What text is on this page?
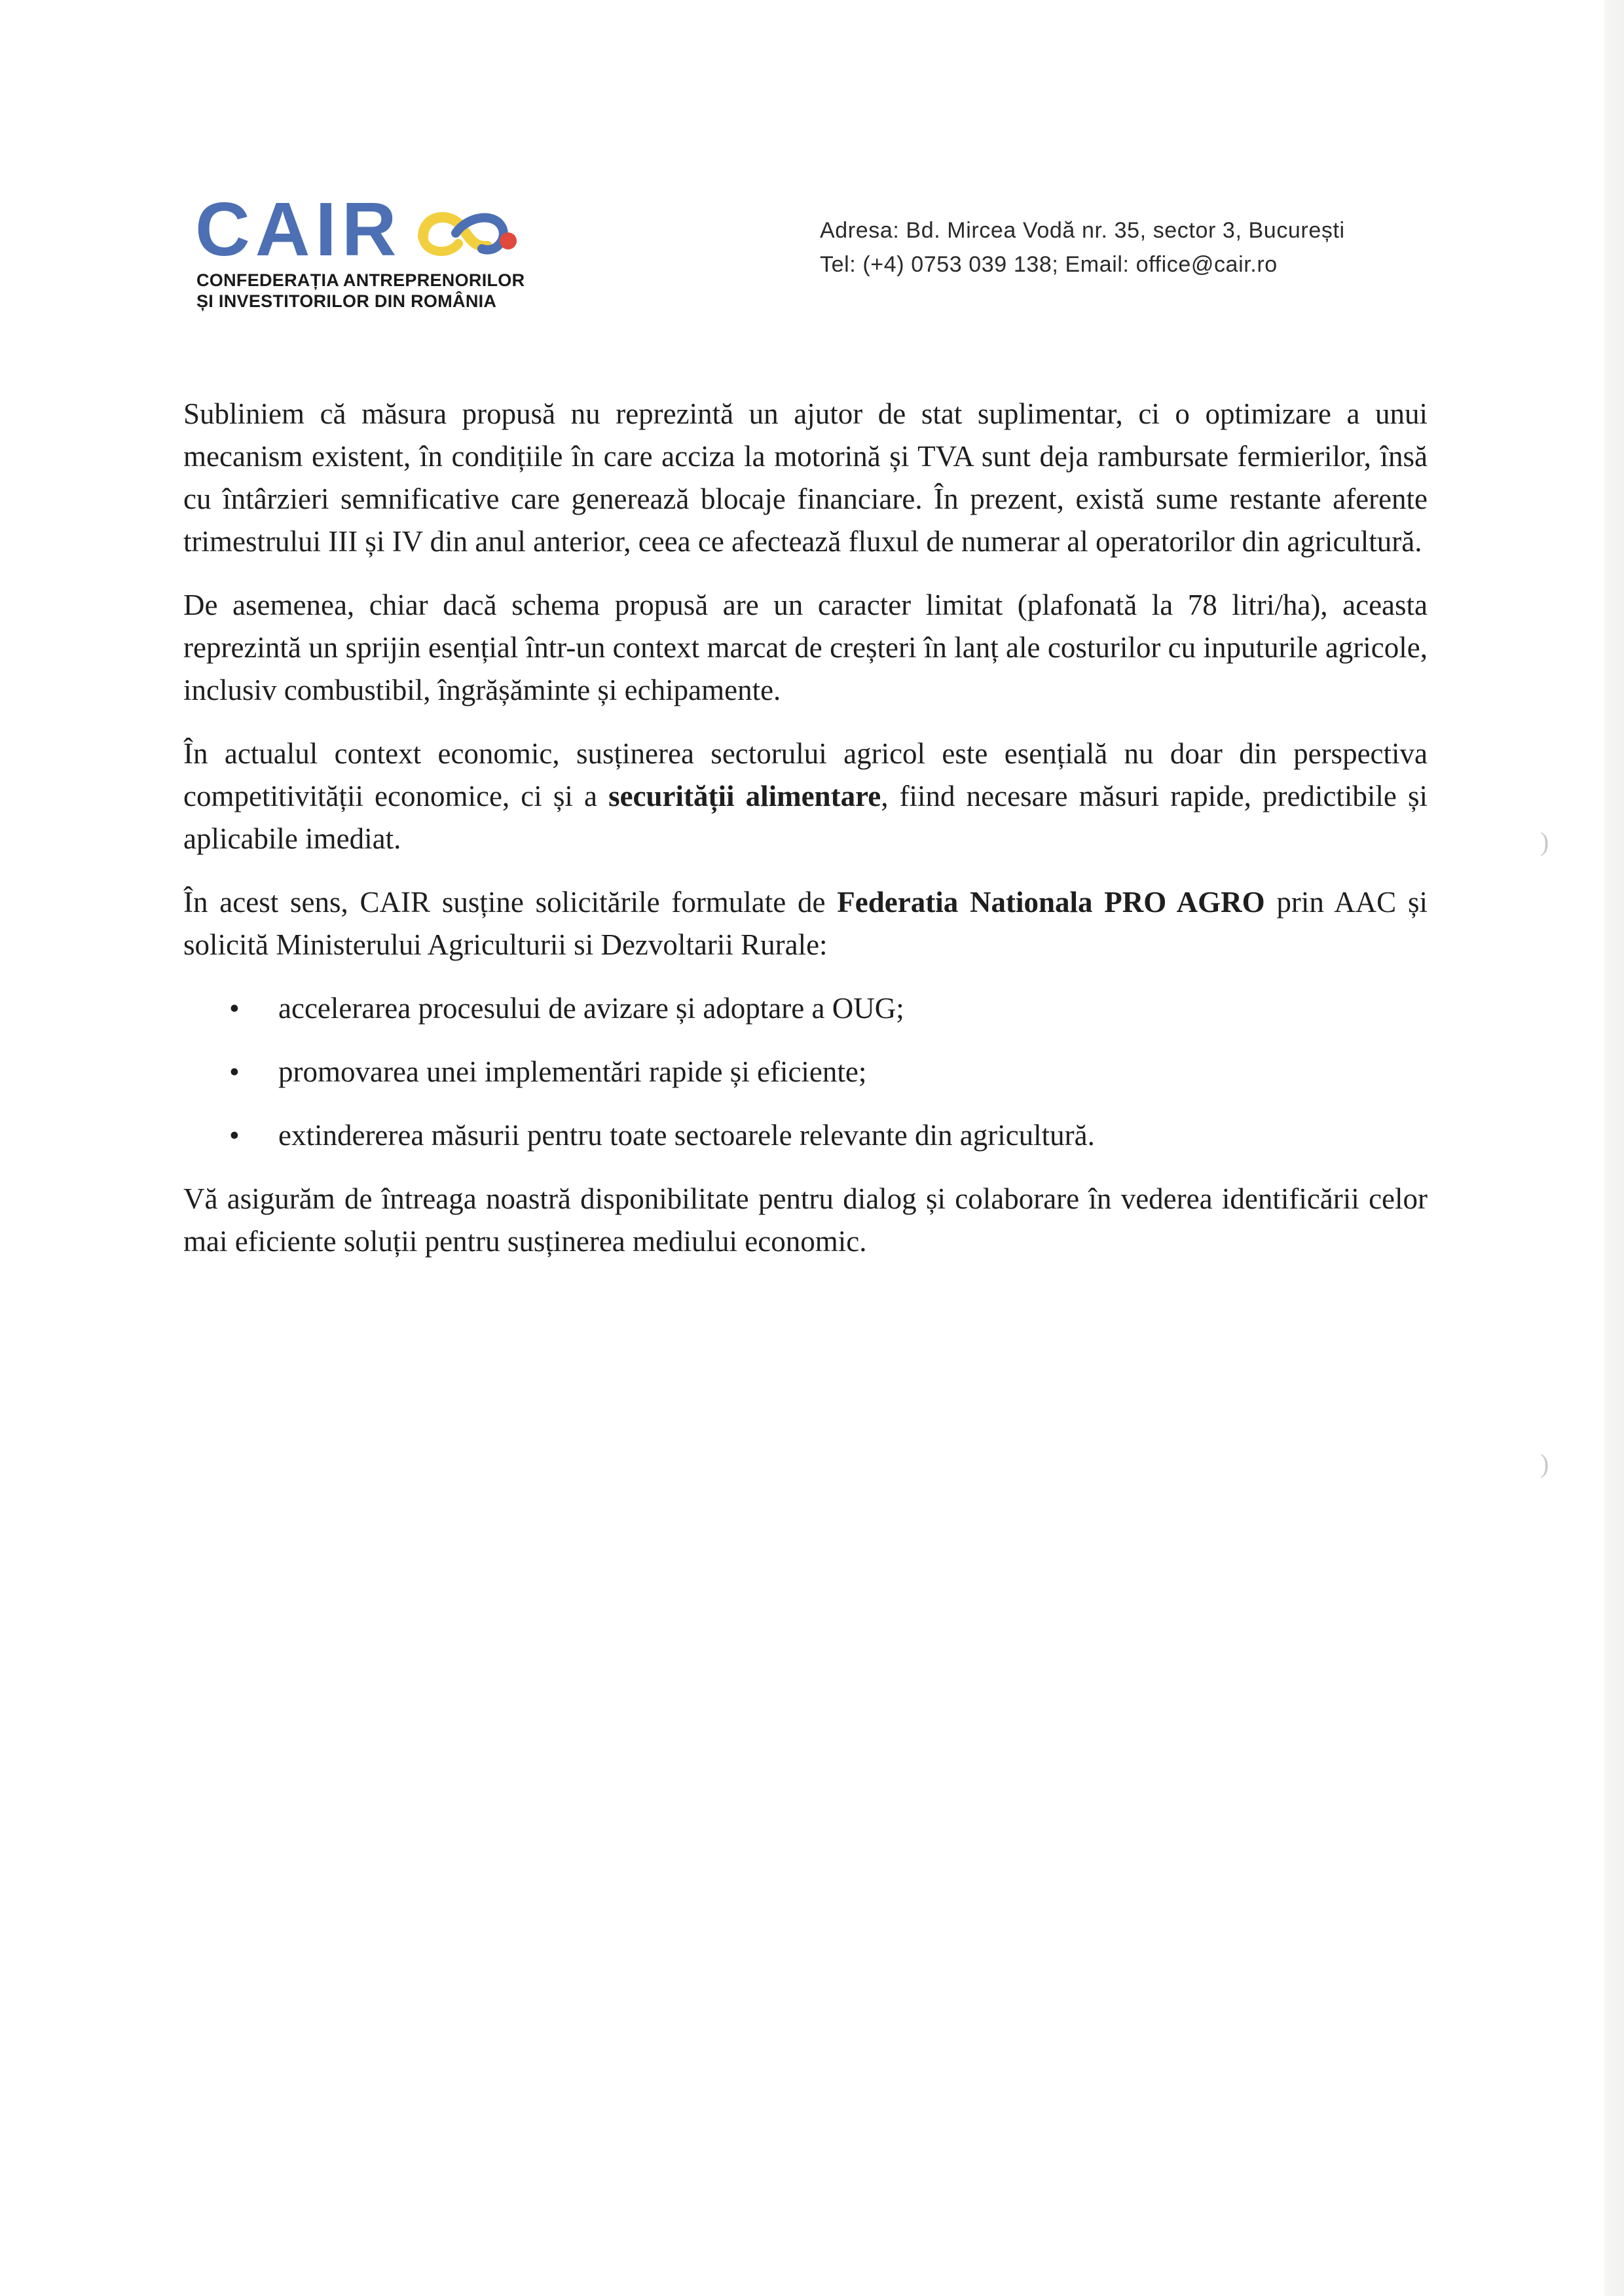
CAIR
CONFEDERAȚIA ANTREPRENORILOR
ȘI INVESTITORILOR DIN ROMÂNIA
Adresa: Bd. Mircea Vodă nr. 35, sector 3, București
Tel: (+4) 0753 039 138; Email: office@cair.ro

Subliniem că măsura propusă nu reprezintă un ajutor de stat suplimentar, ci o optimizare a unui mecanism existent, în condițiile în care acciza la motorină și TVA sunt deja rambursate fermierilor, însă cu întârzieri semnificative care generează blocaje financiare. În prezent, există sume restante aferente trimestrului III și IV din anul anterior, ceea ce afectează fluxul de numerar al operatorilor din agricultură.

De asemenea, chiar dacă schema propusă are un caracter limitat (plafonată la 78 litri/ha), aceasta reprezintă un sprijin esențial într-un context marcat de creșteri în lanț ale costurilor cu inputurile agricole, inclusiv combustibil, îngrășăminte și echipamente.

În actualul context economic, susținerea sectorului agricol este esențială nu doar din perspectiva competitivității economice, ci și a securității alimentare, fiind necesare măsuri rapide, predictibile și aplicabile imediat.

În acest sens, CAIR susține solicitările formulate de Federatia Nationala PRO AGRO prin AAC și solicită Ministerului Agriculturii si Dezvoltarii Rurale:

• accelerarea procesului de avizare și adoptare a OUG;
• promovarea unei implementări rapide și eficiente;
• extindererea măsurii pentru toate sectoarele relevante din agricultură.

Vă asigurăm de întreaga noastră disponibilitate pentru dialog și colaborare în vederea identificării celor mai eficiente soluții pentru susținerea mediului economic.

)
)
